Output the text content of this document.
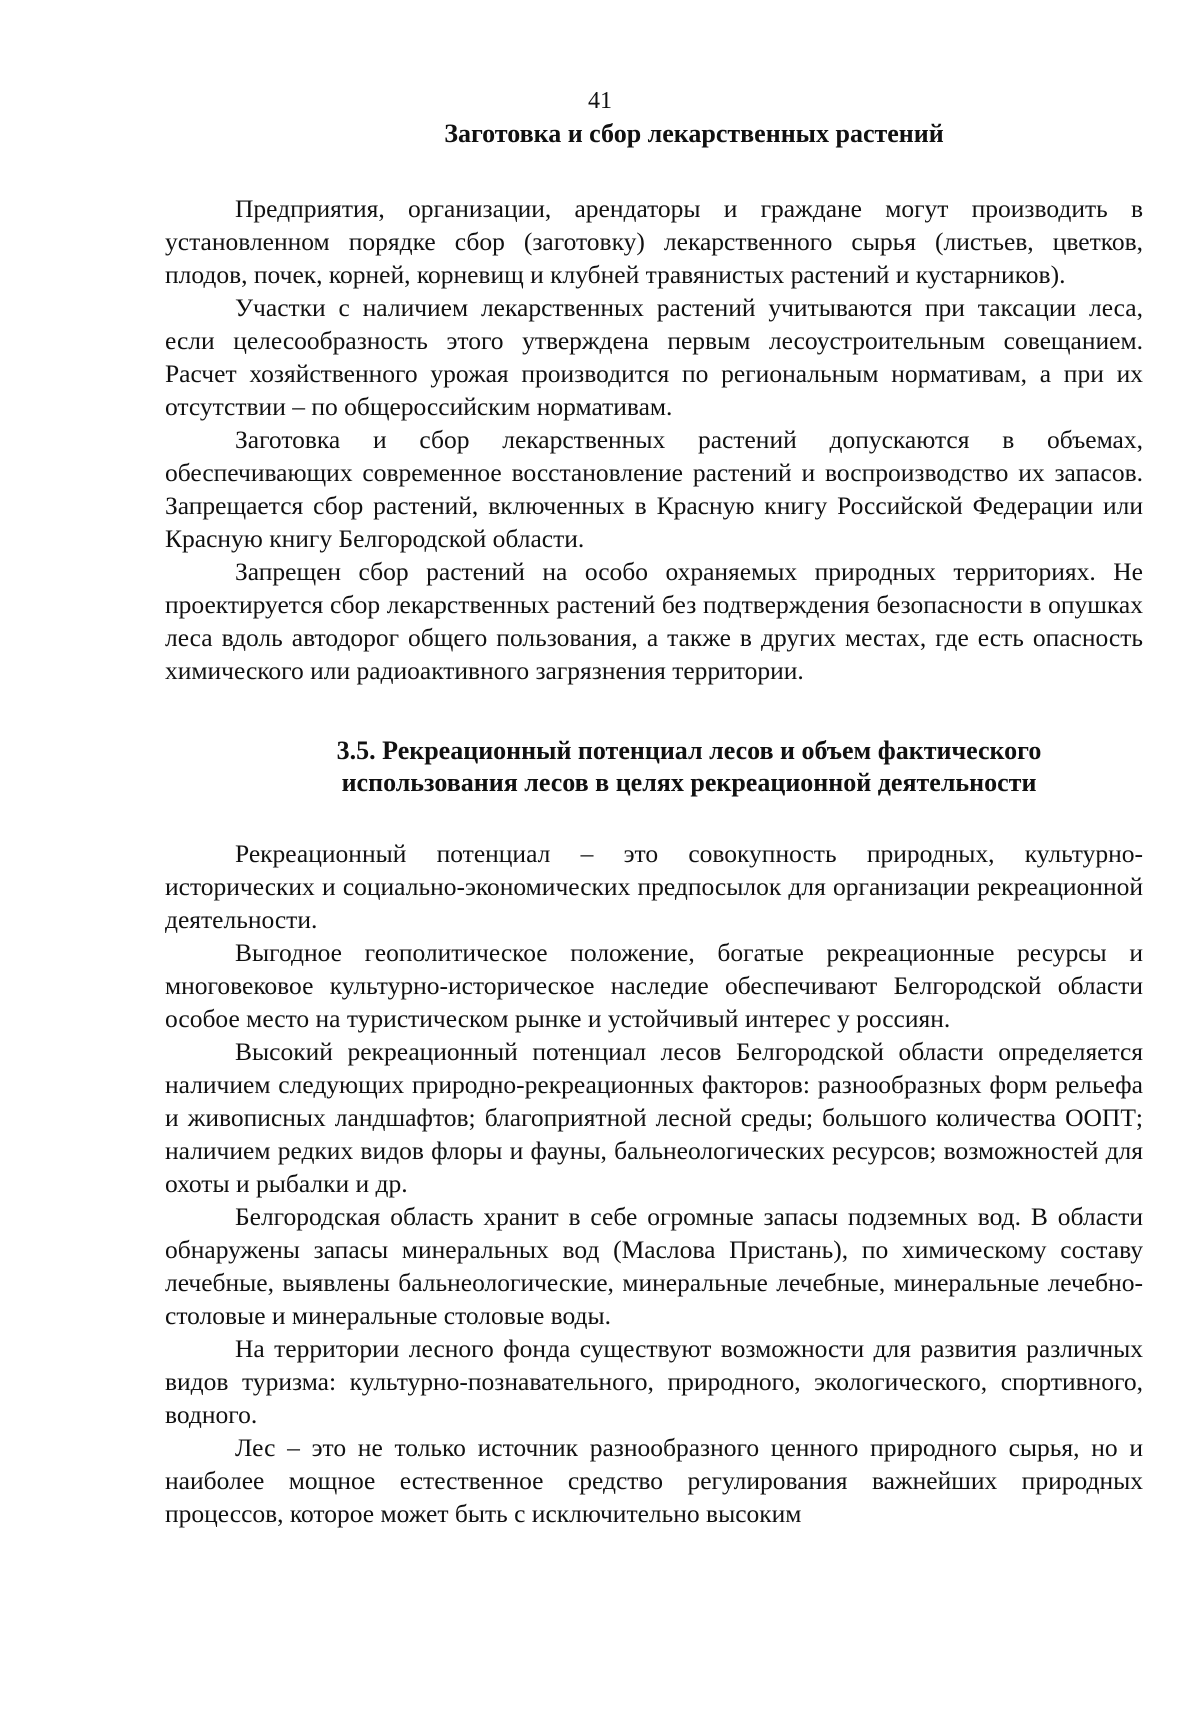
41
Заготовка и сбор лекарственных растений

Предприятия, организации, арендаторы и граждане могут производить в установленном порядке сбор (заготовку) лекарственного сырья (листьев, цветков, плодов, почек, корней, корневищ и клубней травянистых растений и кустарников).

Участки с наличием лекарственных растений учитываются при таксации леса, если целесообразность этого утверждена первым лесоустроительным совещанием. Расчет хозяйственного урожая производится по региональным нормативам, а при их отсутствии – по общероссийским нормативам.

Заготовка и сбор лекарственных растений допускаются в объемах, обеспечивающих современное восстановление растений и воспроизводство их запасов. Запрещается сбор растений, включенных в Красную книгу Российской Федерации или Красную книгу Белгородской области.

Запрещен сбор растений на особо охраняемых природных территориях. Не проектируется сбор лекарственных растений без подтверждения безопасности в опушках леса вдоль автодорог общего пользования, а также в других местах, где есть опасность химического или радиоактивного загрязнения территории.

3.5. Рекреационный потенциал лесов и объем фактического
использования лесов в целях рекреационной деятельности

Рекреационный потенциал – это совокупность природных, культурно-исторических и социально-экономических предпосылок для организации рекреационной деятельности.

Выгодное геополитическое положение, богатые рекреационные ресурсы и многовековое культурно-историческое наследие обеспечивают Белгородской области особое место на туристическом рынке и устойчивый интерес у россиян.

Высокий рекреационный потенциал лесов Белгородской области определяется наличием следующих природно-рекреационных факторов: разнообразных форм рельефа и живописных ландшафтов; благоприятной лесной среды; большого количества ООПТ; наличием редких видов флоры и фауны, бальнеологических ресурсов; возможностей для охоты и рыбалки и др.

Белгородская область хранит в себе огромные запасы подземных вод. В области обнаружены запасы минеральных вод (Маслова Пристань), по химическому составу лечебные, выявлены бальнеологические, минеральные лечебные, минеральные лечебно-столовые и минеральные столовые воды.

На территории лесного фонда существуют возможности для развития различных видов туризма: культурно-познавательного, природного, экологического, спортивного, водного.

Лес – это не только источник разнообразного ценного природного сырья, но и наиболее мощное естественное средство регулирования важнейших природных процессов, которое может быть с исключительно высоким
